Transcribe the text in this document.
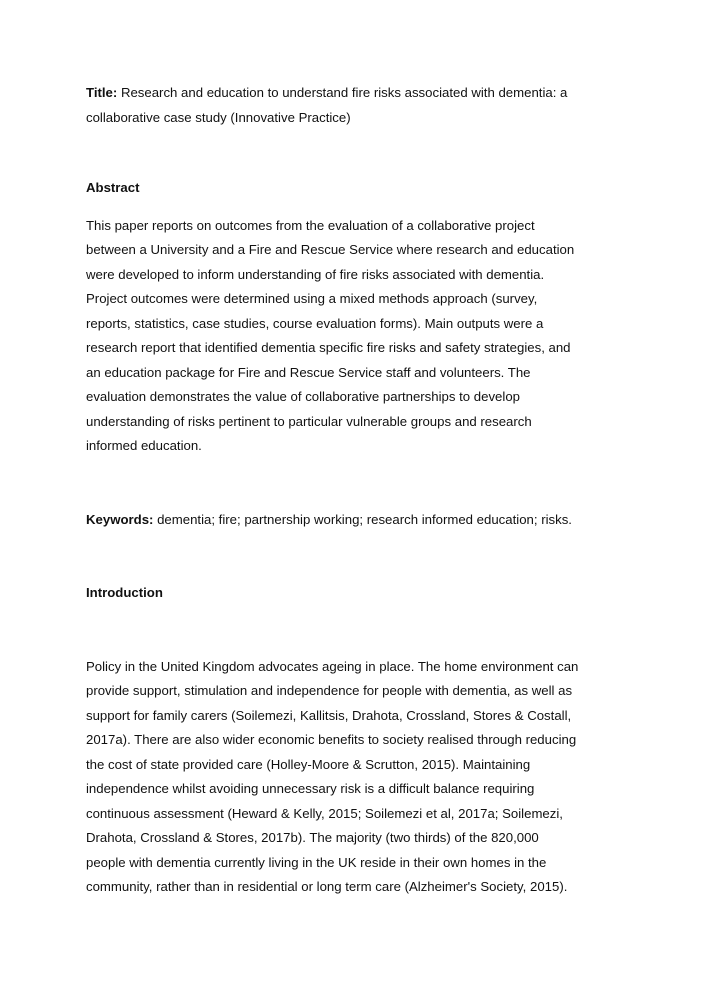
Title: Research and education to understand fire risks associated with dementia: a
collaborative case study (Innovative Practice)
Abstract
This paper reports on outcomes from the evaluation of a collaborative project
between a University and a Fire and Rescue Service where research and education
were developed to inform understanding of fire risks associated with dementia.
Project outcomes were determined using a mixed methods approach (survey,
reports, statistics, case studies, course evaluation forms). Main outputs were a
research report that identified dementia specific fire risks and safety strategies, and
an education package for Fire and Rescue Service staff and volunteers. The
evaluation demonstrates the value of collaborative partnerships to develop
understanding of risks pertinent to particular vulnerable groups and research
informed education.
Keywords: dementia; fire; partnership working; research informed education; risks.
Introduction
Policy in the United Kingdom advocates ageing in place. The home environment can
provide support, stimulation and independence for people with dementia, as well as
support for family carers (Soilemezi, Kallitsis, Drahota, Crossland, Stores & Costall,
2017a). There are also wider economic benefits to society realised through reducing
the cost of state provided care (Holley-Moore & Scrutton, 2015). Maintaining
independence whilst avoiding unnecessary risk is a difficult balance requiring
continuous assessment (Heward & Kelly, 2015; Soilemezi et al, 2017a; Soilemezi,
Drahota, Crossland & Stores, 2017b). The majority (two thirds) of the 820,000
people with dementia currently living in the UK reside in their own homes in the
community, rather than in residential or long term care (Alzheimer's Society, 2015).
